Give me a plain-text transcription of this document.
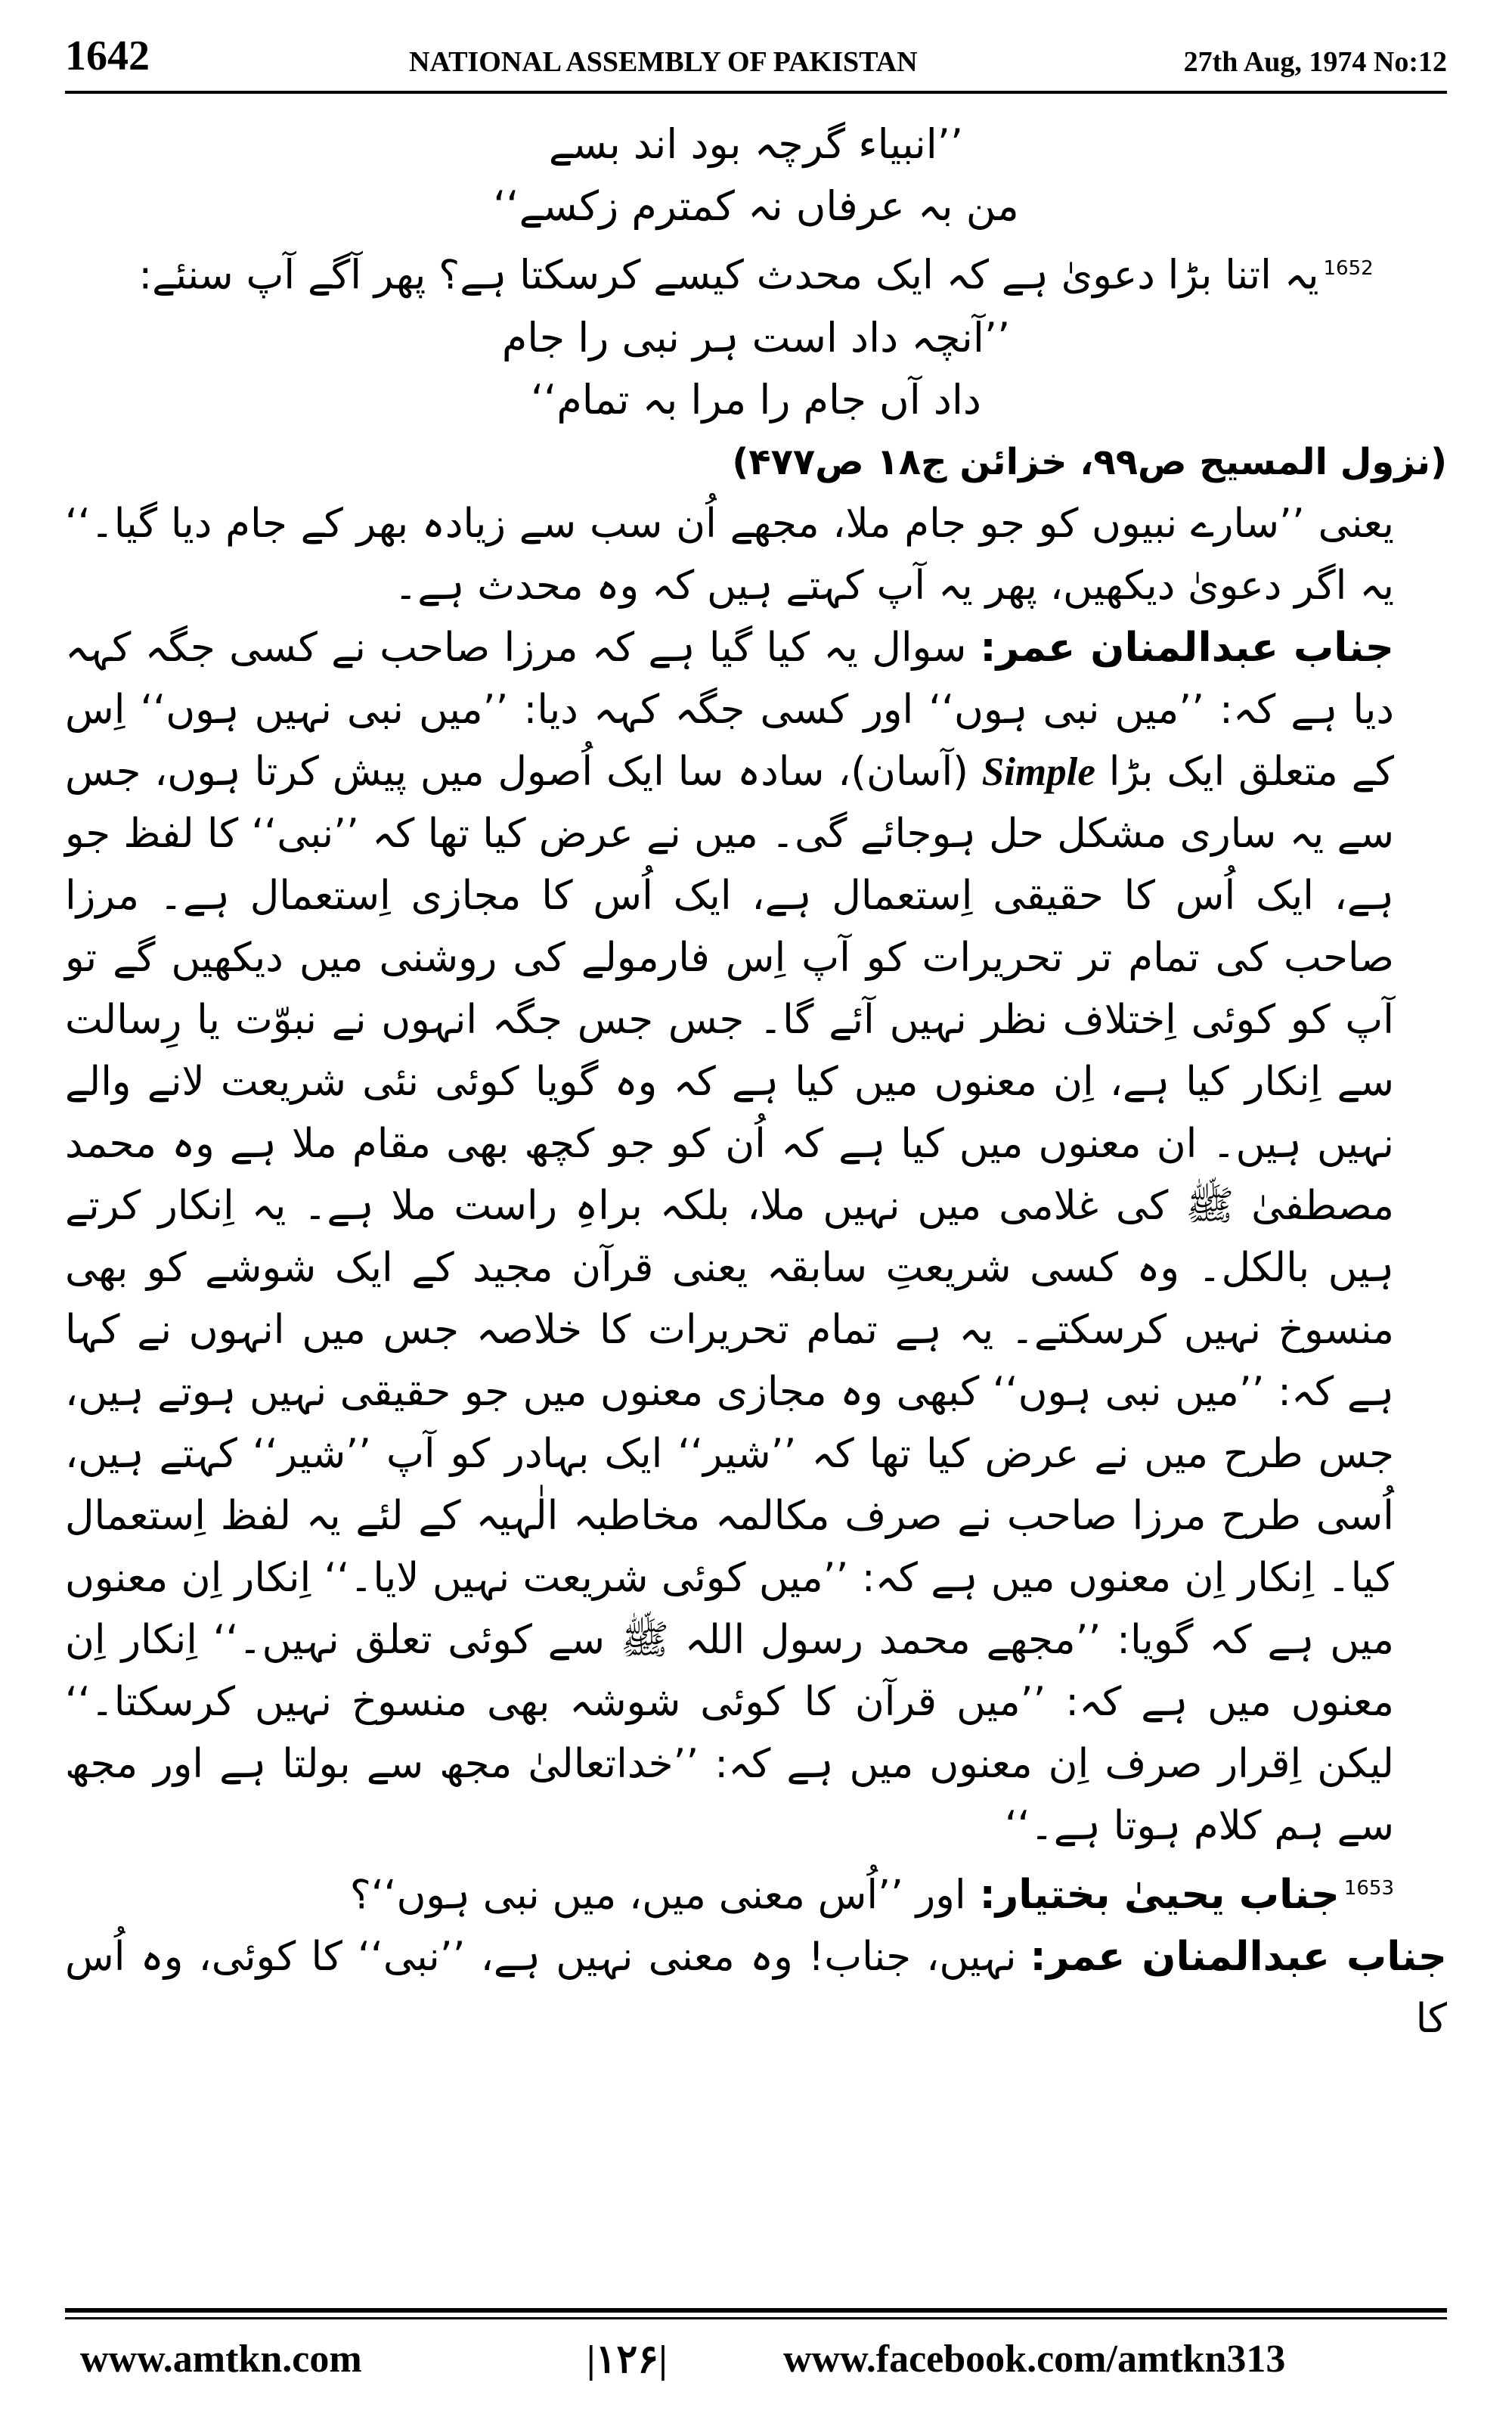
1642	NATIONAL ASSEMBLY OF PAKISTAN	27th Aug, 1974 No:12
’’انبیاء گرچہ بود اند بسے
من بہ عرفاں نہ کمترم زکسے‘‘
$^{1652}$یہ اتنا بڑا دعویٰ ہے کہ ایک محدث کیسے کرسکتا ہے؟ پھر آگے آپ سنئے:
’’آنچہ داد است ہر نبی را جام
داد آں جام را مرا بہ تمام‘‘
(نزول المسیح ص۹۹، خزائن ج۱۸ ص۴۷۷)

یعنی ’’سارے نبیوں کو جو جام ملا، مجھے اُن سب سے زیادہ بھر کے جام دیا گیا۔‘‘ یہ اگر دعویٰ دیکھیں، پھر یہ آپ کہتے ہیں کہ وہ محدث ہے۔

جناب عبدالمنان عمر:سوال یہ کیا گیا ہے کہ مرزا صاحب نے کسی جگہ کہہ دیا ہے کہ: ’’میں نبی ہوں‘‘ اور کسی جگہ کہہ دیا: ’’میں نبی نہیں ہوں‘‘ اِس کے متعلق ایک بڑا Simple (آسان)، سادہ سا ایک اُصول میں پیش کرتا ہوں، جس سے یہ ساری مشکل حل ہوجائے گی۔ میں نے عرض کیا تھا کہ ’’نبی‘‘ کا لفظ جو ہے، ایک اُس کا حقیقی اِستعمال ہے، ایک اُس کا مجازی اِستعمال ہے۔ مرزا صاحب کی تمام تر تحریرات کو آپ اِس فارمولے کی روشنی میں دیکھیں گے تو آپ کو کوئی اِختلاف نظر نہیں آئے گا۔ جس جس جگہ انہوں نے نبوّت یا رِسالت سے اِنکار کیا ہے، اِن معنوں میں کیا ہے کہ وہ گویا کوئی نئی شریعت لانے والے نہیں ہیں۔ ان معنوں میں کیا ہے کہ اُن کو جو کچھ بھی مقام ملا ہے وہ محمد مصطفیٰ ﷺ کی غلامی میں نہیں ملا، بلکہ براہِ راست ملا ہے۔ یہ اِنکار کرتے ہیں بالکل۔ وہ کسی شریعتِ سابقہ یعنی قرآن مجید کے ایک شوشے کو بھی منسوخ نہیں کرسکتے۔ یہ ہے تمام تحریرات کا خلاصہ جس میں انہوں نے کہا ہے کہ: ’’میں نبی ہوں‘‘ کبھی وہ مجازی معنوں میں جو حقیقی نہیں ہوتے ہیں، جس طرح میں نے عرض کیا تھا کہ ’’شیر‘‘ ایک بہادر کو آپ ’’شیر‘‘ کہتے ہیں، اُسی طرح مرزا صاحب نے صرف مکالمہ مخاطبہ الٰہیہ کے لئے یہ لفظ اِستعمال کیا۔ اِنکار اِن معنوں میں ہے کہ: ’’میں کوئی شریعت نہیں لایا۔‘‘ اِنکار اِن معنوں میں ہے کہ گویا: ’’مجھے محمد رسول اللہ ﷺ سے کوئی تعلق نہیں۔‘‘ اِنکار اِن معنوں میں ہے کہ: ’’میں قرآن کا کوئی شوشہ بھی منسوخ نہیں کرسکتا۔‘‘ لیکن اِقرار صرف اِن معنوں میں ہے کہ: ’’خداتعالیٰ مجھ سے بولتا ہے اور مجھ سے ہم کلام ہوتا ہے۔‘‘

$^{1653}$جناب یحییٰ بختیار:اور ’’اُس معنی میں، میں نبی ہوں‘‘؟

جناب عبدالمنان عمر:نہیں، جناب! وہ معنی نہیں ہے، ’’نبی‘‘ کا کوئی، وہ اُس کا

www.amtkn.com	|۱۲۶|	www.facebook.com/amtkn313
